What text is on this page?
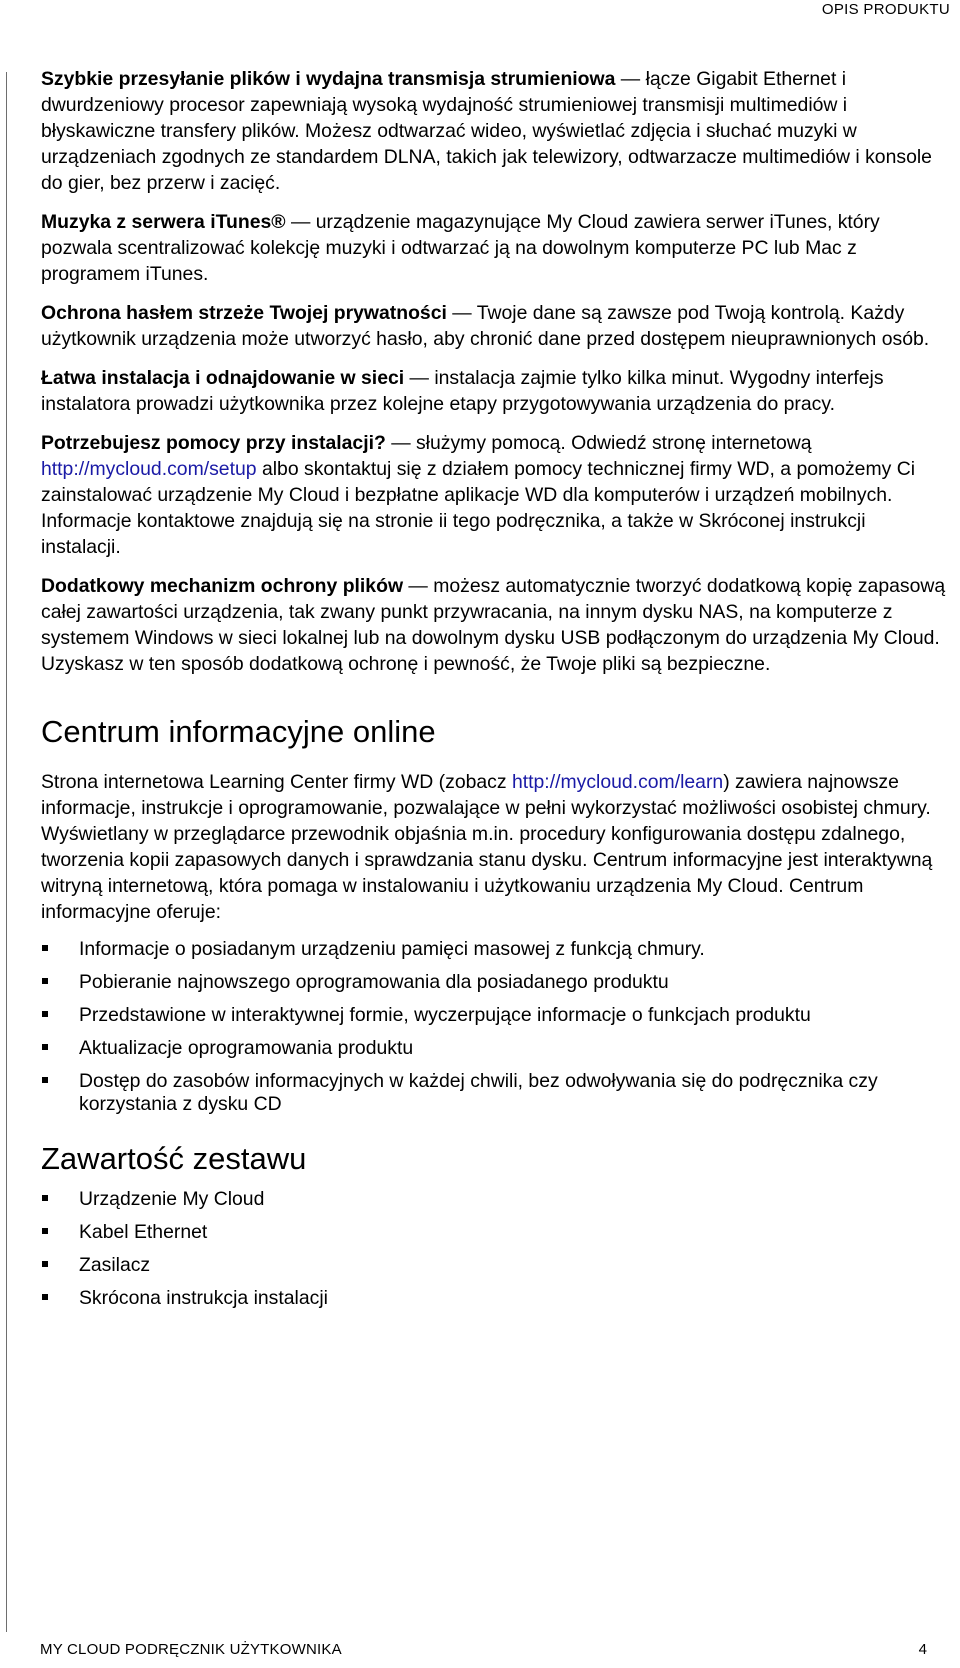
OPIS PRODUKTU

Szybkie przesyłanie plików i wydajna transmisja strumieniowa — łącze Gigabit Ethernet i dwurdzeniowy procesor zapewniają wysoką wydajność strumieniowej transmisji multimediów i błyskawiczne transfery plików. Możesz odtwarzać wideo, wyświetlać zdjęcia i słuchać muzyki w urządzeniach zgodnych ze standardem DLNA, takich jak telewizory, odtwarzacze multimediów i konsole do gier, bez przerw i zacięć.

Muzyka z serwera iTunes® — urządzenie magazynujące My Cloud zawiera serwer iTunes, który pozwala scentralizować kolekcję muzyki i odtwarzać ją na dowolnym komputerze PC lub Mac z programem iTunes.

Ochrona hasłem strzeże Twojej prywatności — Twoje dane są zawsze pod Twoją kontrolą. Każdy użytkownik urządzenia może utworzyć hasło, aby chronić dane przed dostępem nieuprawnionych osób.

Łatwa instalacja i odnajdowanie w sieci — instalacja zajmie tylko kilka minut. Wygodny interfejs instalatora prowadzi użytkownika przez kolejne etapy przygotowywania urządzenia do pracy.

Potrzebujesz pomocy przy instalacji? — służymy pomocą. Odwiedź stronę internetową http://mycloud.com/setup albo skontaktuj się z działem pomocy technicznej firmy WD, a pomożemy Ci zainstalować urządzenie My Cloud i bezpłatne aplikacje WD dla komputerów i urządzeń mobilnych. Informacje kontaktowe znajdują się na stronie ii tego podręcznika, a także w Skróconej instrukcji instalacji.

Dodatkowy mechanizm ochrony plików — możesz automatycznie tworzyć dodatkową kopię zapasową całej zawartości urządzenia, tak zwany punkt przywracania, na innym dysku NAS, na komputerze z systemem Windows w sieci lokalnej lub na dowolnym dysku USB podłączonym do urządzenia My Cloud. Uzyskasz w ten sposób dodatkową ochronę i pewność, że Twoje pliki są bezpieczne.

Centrum informacyjne online

Strona internetowa Learning Center firmy WD (zobacz http://mycloud.com/learn) zawiera najnowsze informacje, instrukcje i oprogramowanie, pozwalające w pełni wykorzystać możliwości osobistej chmury. Wyświetlany w przeglądarce przewodnik objaśnia m.in. procedury konfigurowania dostępu zdalnego, tworzenia kopii zapasowych danych i sprawdzania stanu dysku. Centrum informacyjne jest interaktywną witryną internetową, która pomaga w instalowaniu i użytkowaniu urządzenia My Cloud. Centrum informacyjne oferuje:

Informacje o posiadanym urządzeniu pamięci masowej z funkcją chmury.
Pobieranie najnowszego oprogramowania dla posiadanego produktu
Przedstawione w interaktywnej formie, wyczerpujące informacje o funkcjach produktu
Aktualizacje oprogramowania produktu
Dostęp do zasobów informacyjnych w każdej chwili, bez odwoływania się do podręcznika czy korzystania z dysku CD
Zawartość zestawu
Urządzenie My Cloud
Kabel Ethernet
Zasilacz
Skrócona instrukcja instalacji
MY CLOUD PODRĘCZNIK UŻYTKOWNIKA	4
